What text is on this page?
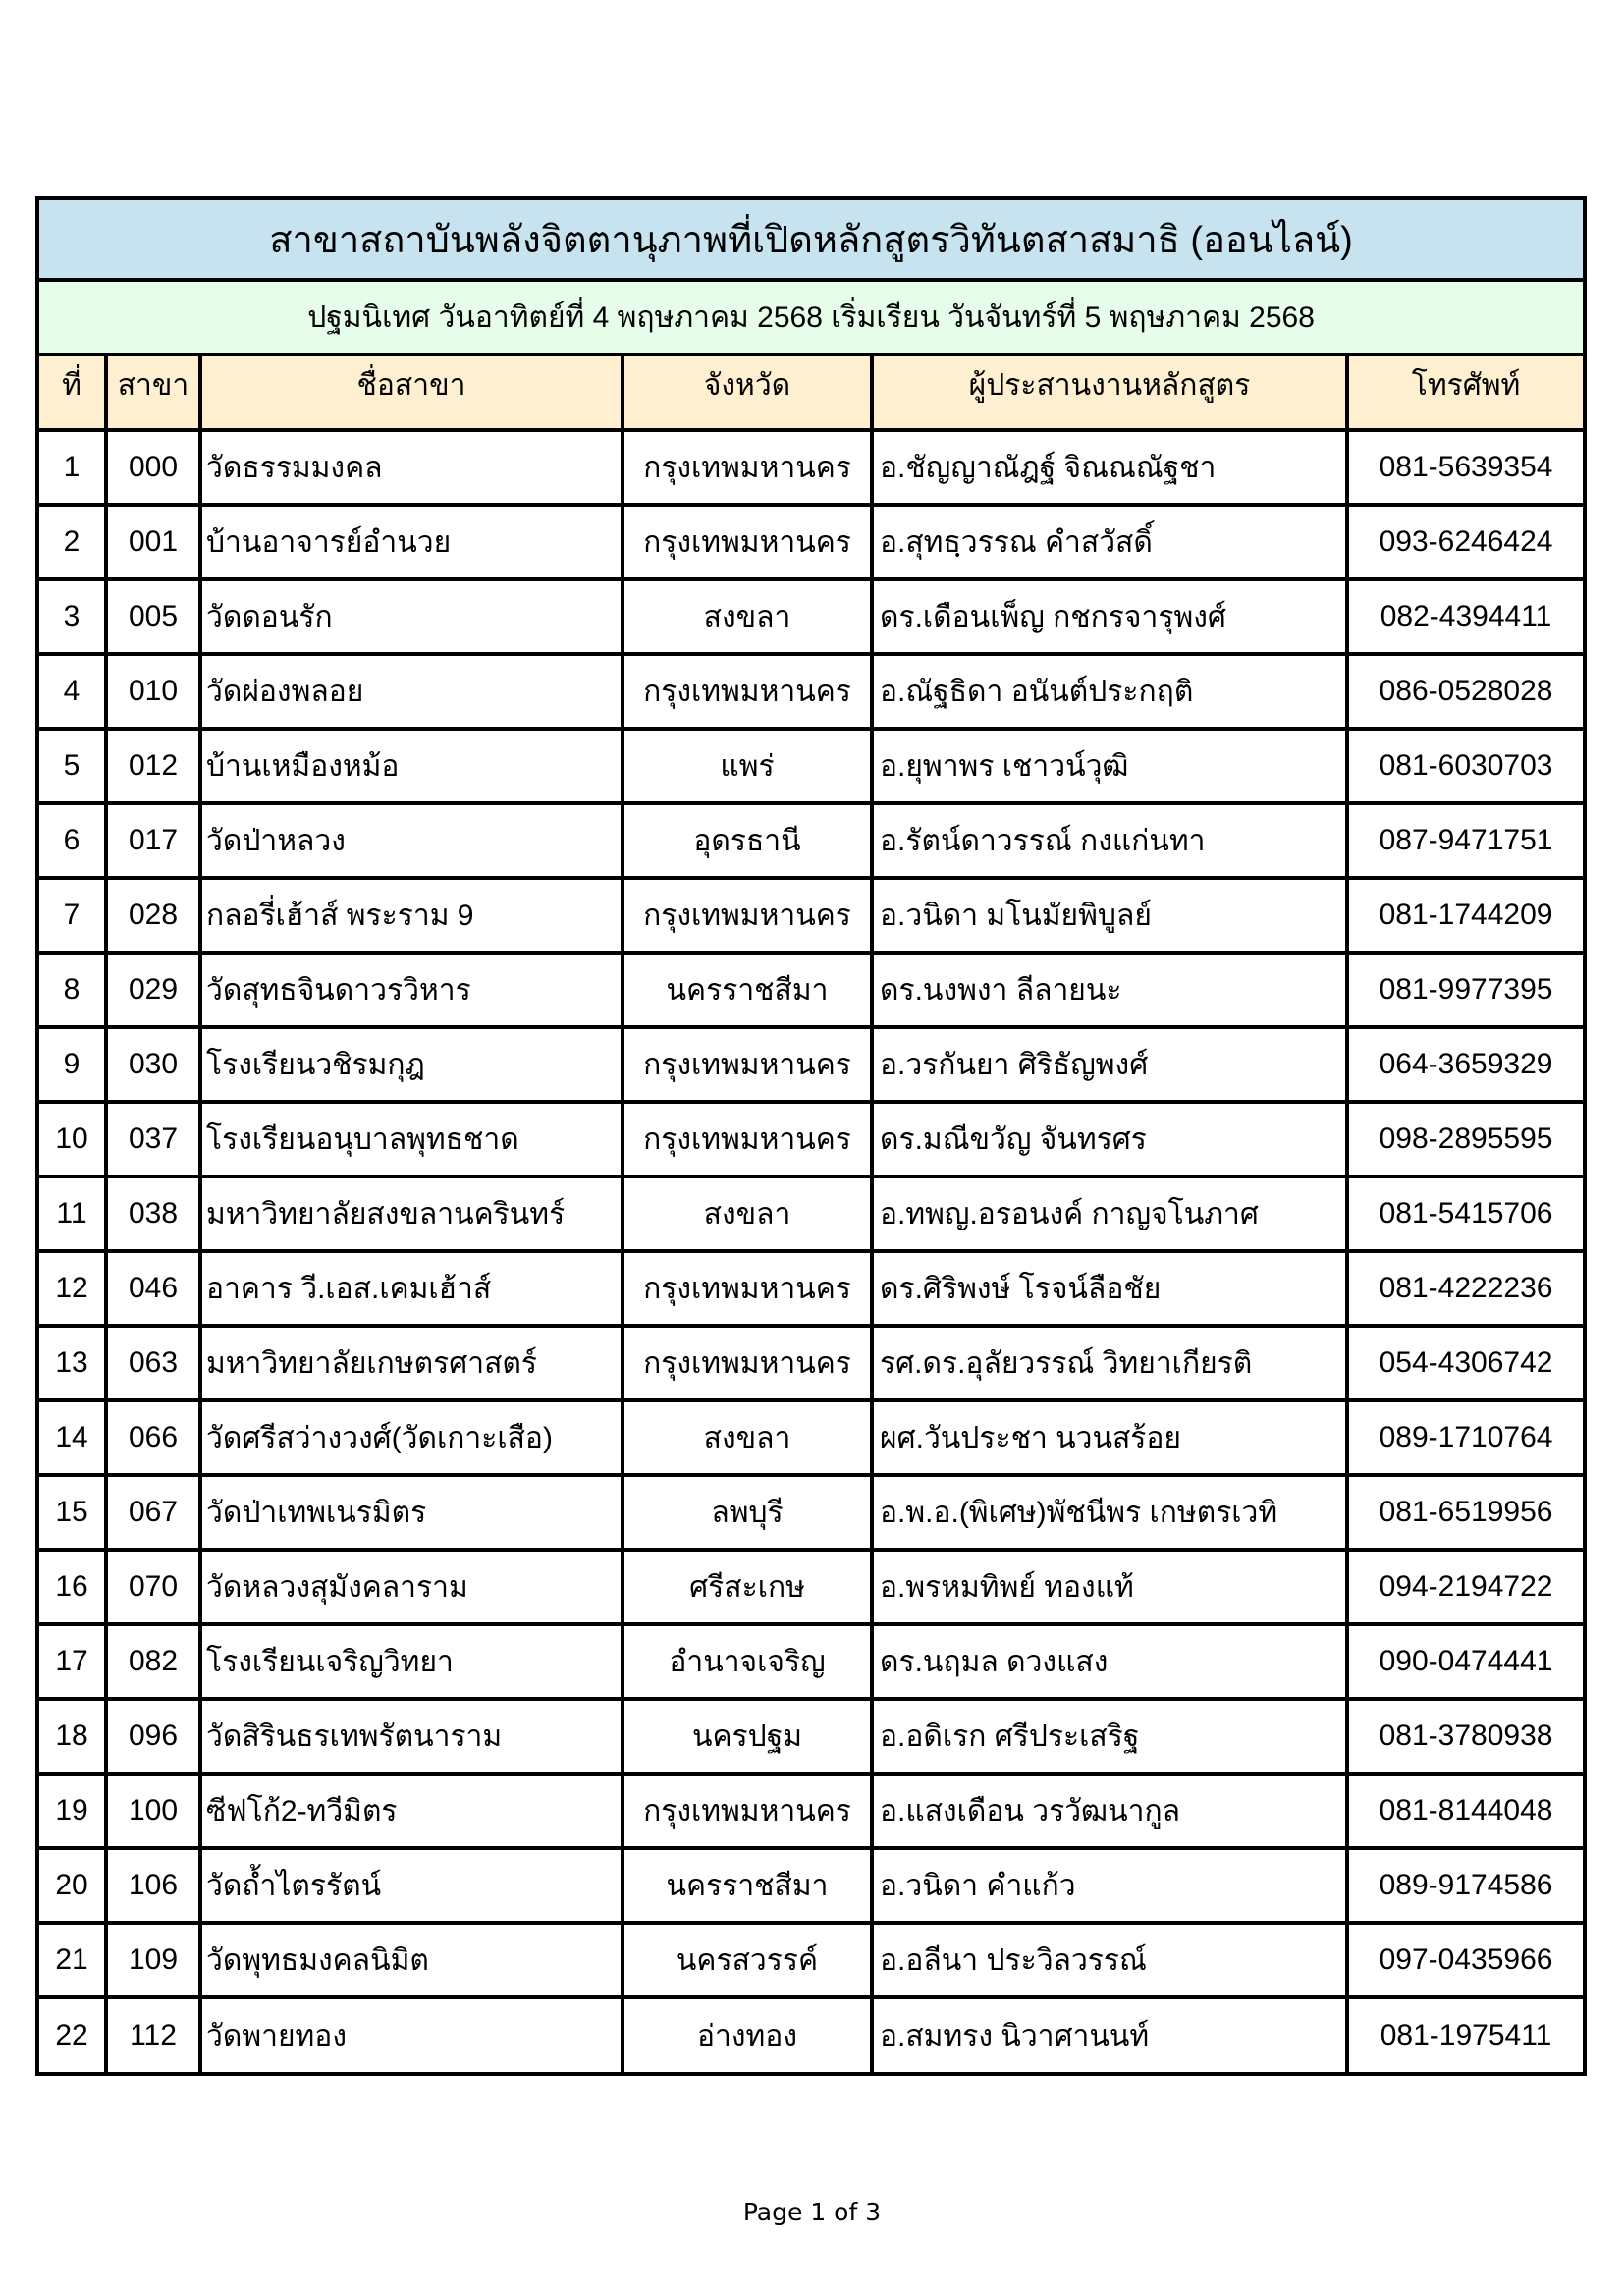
สาขาสถาบันพลังจิตตานุภาพที่เปิดหลักสูตรวิทันตสาสมาธิ (ออนไลน์)					
ปฐมนิเทศ วันอาทิตย์ที่ 4 พฤษภาคม 2568 เริ่มเรียน วันจันทร์ที่ 5 พฤษภาคม 2568					
ที่	สาขา	ชื่อสาขา	จังหวัด	ผู้ประสานงานหลักสูตร	โทรศัพท์
1	000	วัดธรรมมงคล	กรุงเทพมหานคร	อ.ชัญญาณัฎฐ์ จิณณณัฐชา	081-5639354
2	001	บ้านอาจารย์อำนวย	กรุงเทพมหานคร	อ.สุทธฺวรรณ คำสวัสดิ์	093-6246424
3	005	วัดดอนรัก	สงขลา	ดร.เดือนเพ็ญ กชกรจารุพงศ์	082-4394411
4	010	วัดผ่องพลอย	กรุงเทพมหานคร	อ.ณัฐธิดา อนันต์ประกฤติ	086-0528028
5	012	บ้านเหมืองหม้อ	แพร่	อ.ยุพาพร เชาวน์วุฒิ	081-6030703
6	017	วัดป่าหลวง	อุดรธานี	อ.รัตน์ดาวรรณ์ กงแก่นทา	087-9471751
7	028	กลอรี่เฮ้าส์ พระราม 9	กรุงเทพมหานคร	อ.วนิดา มโนมัยพิบูลย์	081-1744209
8	029	วัดสุทธจินดาวรวิหาร	นครราชสีมา	ดร.นงพงา ลีลายนะ	081-9977395
9	030	โรงเรียนวชิรมกุฎ	กรุงเทพมหานคร	อ.วรกันยา ศิริธัญพงศ์	064-3659329
10	037	โรงเรียนอนุบาลพุทธชาด	กรุงเทพมหานคร	ดร.มณีขวัญ จันทรศร	098-2895595
11	038	มหาวิทยาลัยสงขลานครินทร์	สงขลา	อ.ทพญ.อรอนงค์ กาญจโนภาศ	081-5415706
12	046	อาคาร วี.เอส.เคมเฮ้าส์	กรุงเทพมหานคร	ดร.ศิริพงษ์ โรจน์ลือชัย	081-4222236
13	063	มหาวิทยาลัยเกษตรศาสตร์	กรุงเทพมหานคร	รศ.ดร.อุลัยวรรณ์ วิทยาเกียรติ	054-4306742
14	066	วัดศรีสว่างวงศ์(วัดเกาะเสือ)	สงขลา	ผศ.วันประชา นวนสร้อย	089-1710764
15	067	วัดป่าเทพเนรมิตร	ลพบุรี	อ.พ.อ.(พิเศษ)พัชนีพร เกษตรเวทิ	081-6519956
16	070	วัดหลวงสุมังคลาราม	ศรีสะเกษ	อ.พรหมทิพย์ ทองแท้	094-2194722
17	082	โรงเรียนเจริญวิทยา	อำนาจเจริญ	ดร.นฤมล ดวงแสง	090-0474441
18	096	วัดสิรินธรเทพรัตนาราม	นครปฐม	อ.อดิเรก ศรีประเสริฐ	081-3780938
19	100	ซีฟโก้2-ทวีมิตร	กรุงเทพมหานคร	อ.แสงเดือน วรวัฒนากูล	081-8144048
20	106	วัดถ้ำไตรรัตน์	นครราชสีมา	อ.วนิดา คำแก้ว	089-9174586
21	109	วัดพุทธมงคลนิมิต	นครสวรรค์	อ.อลีนา ประวิลวรรณ์	097-0435966
22	112	วัดพายทอง	อ่างทอง	อ.สมทรง นิวาศานนท์	081-1975411
Page 1 of 3
